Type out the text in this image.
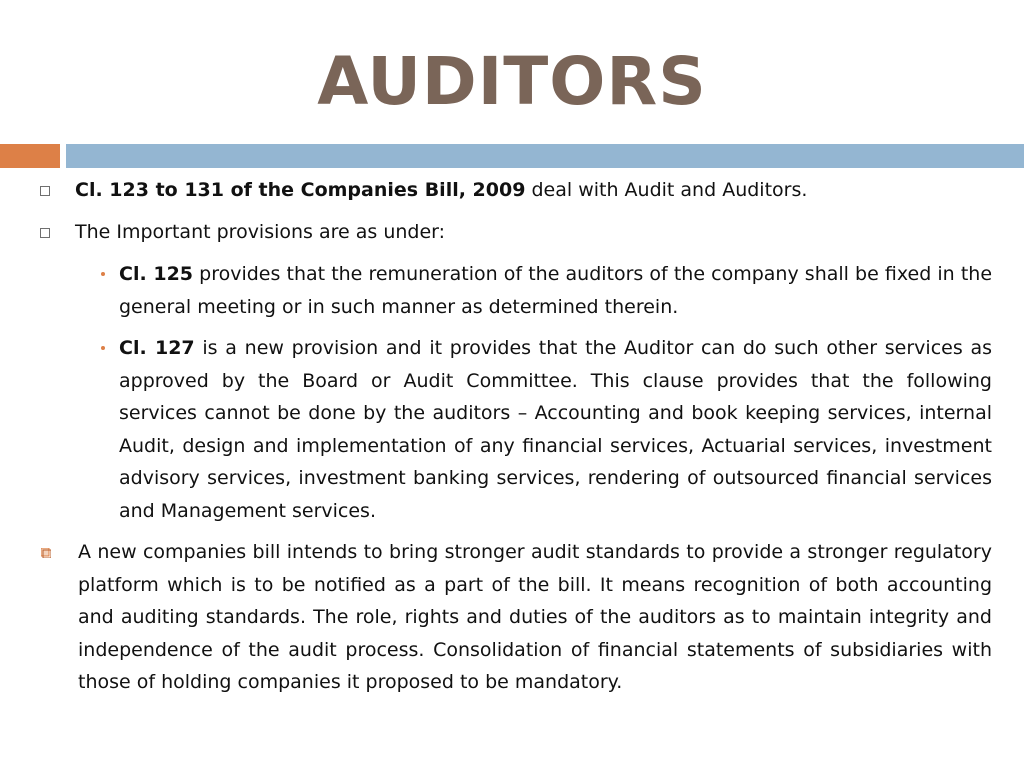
AUDITORS
Cl. 123 to 131 of the Companies Bill, 2009 deal with Audit and Auditors.
The Important provisions are as under:
Cl. 125 provides that the remuneration of the auditors of the company shall be fixed in the general meeting or in such manner as determined therein.
Cl. 127 is a new provision and it provides that the Auditor can do such other services as approved by the Board or Audit Committee. This clause provides that the following services cannot be done by the auditors – Accounting and book keeping services, internal Audit, design and implementation of any financial services, Actuarial services, investment advisory services, investment banking services, rendering of outsourced financial services and Management services.
A new companies bill intends to bring stronger audit standards to provide a stronger regulatory platform which is to be notified as a part of the bill. It means recognition of both accounting and auditing standards. The role, rights and duties of the auditors as to maintain integrity and independence of the audit process. Consolidation of financial statements of subsidiaries with those of holding companies it proposed to be mandatory.
